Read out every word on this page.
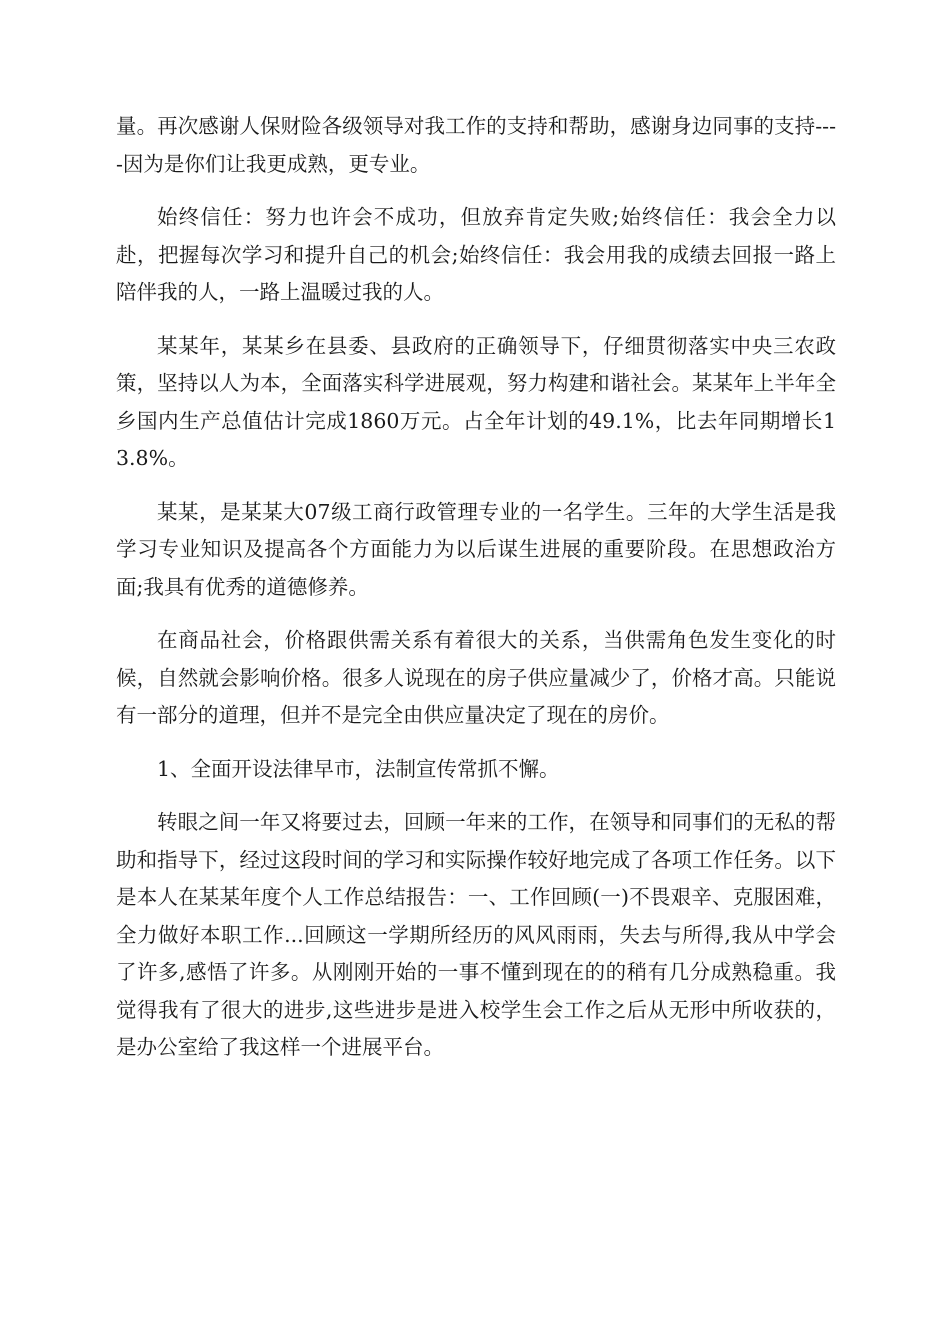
量。再次感谢人保财险各级领导对我工作的支持和帮助，感谢身边同事的支持----因为是你们让我更成熟，更专业。

始终信任：努力也许会不成功，但放弃肯定失败;始终信任：我会全力以赴，把握每次学习和提升自己的机会;始终信任：我会用我的成绩去回报一路上陪伴我的人，一路上温暖过我的人。

某某年，某某乡在县委、县政府的正确领导下，仔细贯彻落实中央三农政策，坚持以人为本，全面落实科学进展观，努力构建和谐社会。某某年上半年全乡国内生产总值估计完成1860万元。占全年计划的49.1%，比去年同期增长13.8%。

某某，是某某大07级工商行政管理专业的一名学生。三年的大学生活是我学习专业知识及提高各个方面能力为以后谋生进展的重要阶段。在思想政治方面;我具有优秀的道德修养。

在商品社会，价格跟供需关系有着很大的关系，当供需角色发生变化的时候，自然就会影响价格。很多人说现在的房子供应量减少了，价格才高。只能说有一部分的道理，但并不是完全由供应量决定了现在的房价。

1、全面开设法律早市，法制宣传常抓不懈。

转眼之间一年又将要过去，回顾一年来的工作，在领导和同事们的无私的帮助和指导下，经过这段时间的学习和实际操作较好地完成了各项工作任务。以下是本人在某某年度个人工作总结报告：一、工作回顾(一)不畏艰辛、克服困难，全力做好本职工作...回顾这一学期所经历的风风雨雨，失去与所得,我从中学会了许多,感悟了许多。从刚刚开始的一事不懂到现在的的稍有几分成熟稳重。我觉得我有了很大的进步,这些进步是进入校学生会工作之后从无形中所收获的，是办公室给了我这样一个进展平台。
